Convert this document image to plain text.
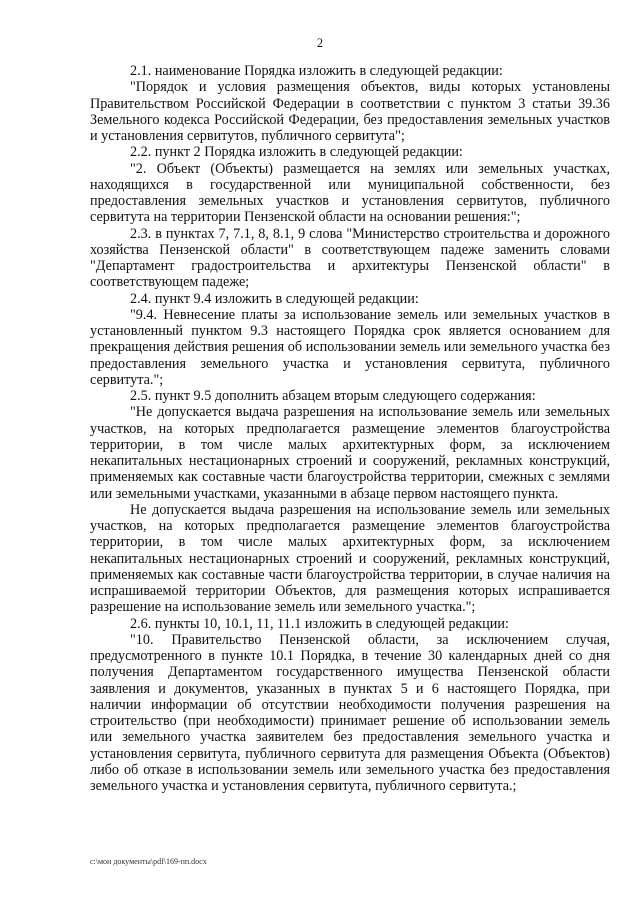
2

2.1. наименование Порядка изложить в следующей редакции:

"Порядок и условия размещения объектов, виды которых установлены Правительством Российской Федерации в соответствии с пунктом 3 статьи 39.36 Земельного кодекса Российской Федерации, без предоставления земельных участков и установления сервитутов, публичного сервитута";

2.2. пункт 2 Порядка изложить в следующей редакции:

"2. Объект (Объекты) размещается на землях или земельных участках, находящихся в государственной или муниципальной собственности, без предоставления земельных участков и установления сервитутов, публичного сервитута на территории Пензенской области на основании решения:";

2.3. в пунктах 7, 7.1, 8, 8.1, 9 слова "Министерство строительства и дорожного хозяйства Пензенской области" в соответствующем падеже заменить словами "Департамент градостроительства и архитектуры Пензенской области" в соответствующем падеже;

2.4. пункт 9.4 изложить в следующей редакции:

"9.4. Невнесение платы за использование земель или земельных участков в установленный пунктом 9.3 настоящего Порядка срок является основанием для прекращения действия решения об использовании земель или земельного участка без предоставления земельного участка и установления сервитута, публичного сервитута.";

2.5. пункт 9.5 дополнить абзацем вторым следующего содержания:

"Не допускается выдача разрешения на использование земель или земельных участков, на которых предполагается размещение элементов благоустройства территории, в том числе малых архитектурных форм, за исключением некапитальных нестационарных строений и сооружений, рекламных конструкций, применяемых как составные части благоустройства территории, смежных с землями или земельными участками, указанными в абзаце первом настоящего пункта.

Не допускается выдача разрешения на использование земель или земельных участков, на которых предполагается размещение элементов благоустройства территории, в том числе малых архитектурных форм, за исключением некапитальных нестационарных строений и сооружений, рекламных конструкций, применяемых как составные части благоустройства территории, в случае наличия на испрашиваемой территории Объектов, для размещения которых испрашивается разрешение на использование земель или земельного участка.";

2.6. пункты 10, 10.1, 11, 11.1 изложить в следующей редакции:

"10. Правительство Пензенской области, за исключением случая, предусмотренного в пункте 10.1 Порядка, в течение 30 календарных дней со дня получения Департаментом государственного имущества Пензенской области заявления и документов, указанных в пунктах 5 и 6 настоящего Порядка, при наличии информации об отсутствии необходимости получения разрешения на строительство (при необходимости) принимает решение об использовании земель или земельного участка заявителем без предоставления земельного участка и установления сервитута, публичного сервитута для размещения Объекта (Объектов) либо об отказе в использовании земель или земельного участка без предоставления земельного участка и установления сервитута, публичного сервитута.;

c:\мои документы\pdf\169-пп.docx
